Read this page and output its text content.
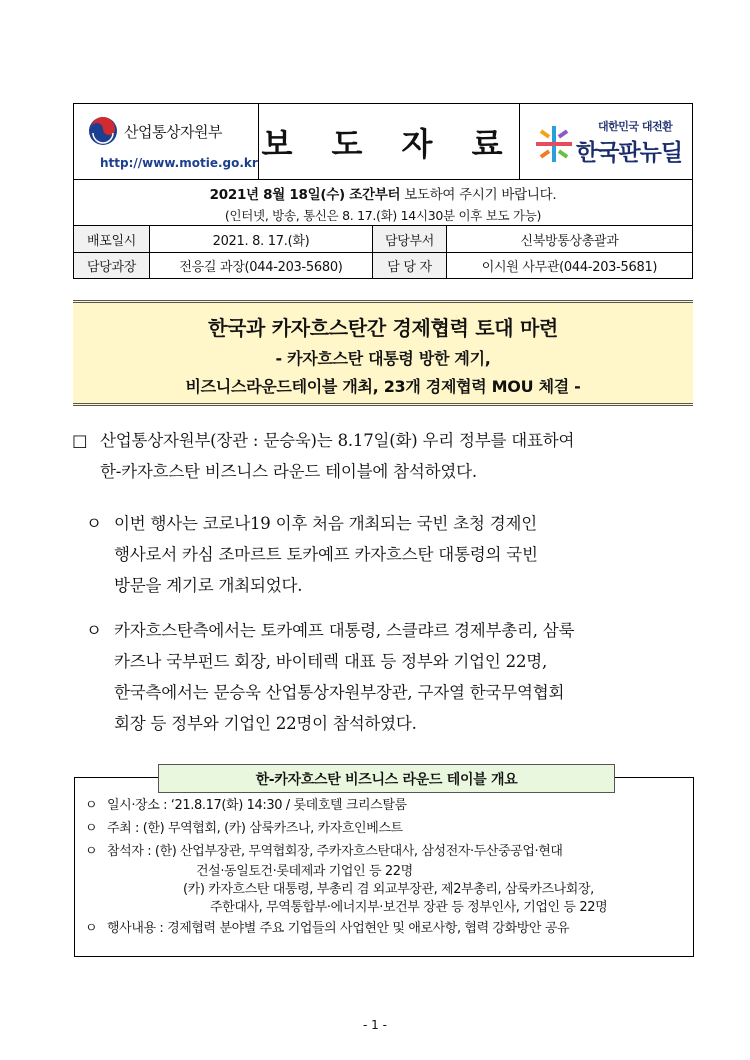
산업통상자원부
http://www.motie.go.kr
보 도 자 료	대한민국 대전환
한국판뉴딜
2021년 8월 18일(수) 조간부터 보도하여 주시기 바랍니다.
(인터넷, 방송, 통신은 8. 17.(화) 14시30분 이후 보도 가능)
배포일시	2021. 8. 17.(화)	담당부서	신북방통상총괄과
담당과장	전응길 과장(044-203-5680)	담 당 자	이시원 사무관(044-203-5681)
한국과 카자흐스탄간 경제협력 토대 마련
- 카자흐스탄 대통령 방한 계기,
비즈니스라운드테이블 개최, 23개 경제협력 MOU 체결 -
□ 산업통상자원부(장관 : 문승욱)는 8.17일(화) 우리 정부를 대표하여
한-카자흐스탄 비즈니스 라운드 테이블에 참석하였다.
ㅇ 이번 행사는 코로나19 이후 처음 개최되는 국빈 초청 경제인
행사로서 카심 조마르트 토카예프 카자흐스탄 대통령의 국빈
방문을 계기로 개최되었다.
ㅇ 카자흐스탄측에서는 토카예프 대통령, 스클랴르 경제부총리, 삼룩
카즈나 국부펀드 회장, 바이테렉 대표 등 정부와 기업인 22명,
한국측에서는 문승욱 산업통상자원부장관, 구자열 한국무역협회
회장 등 정부와 기업인 22명이 참석하였다.
한-카자흐스탄 비즈니스 라운드 테이블 개요
ㅇ 일시·장소 : ‘21.8.17(화) 14:30 / 롯데호텔 크리스탈룸
ㅇ 주최 : (한) 무역협회, (카) 삼룩카즈나, 카자흐인베스트
ㅇ 참석자 : (한) 산업부장관, 무역협회장, 주카자흐스탄대사, 삼성전자·두산중공업·현대
건설·동일토건·롯데제과 기업인 등 22명
(카) 카자흐스탄 대통령, 부총리 겸 외교부장관, 제2부총리, 삼룩카즈나회장,
주한대사, 무역통합부·에너지부·보건부 장관 등 정부인사, 기업인 등 22명
ㅇ 행사내용 : 경제협력 분야별 주요 기업들의 사업현안 및 애로사항, 협력 강화방안 공유
- 1 -
